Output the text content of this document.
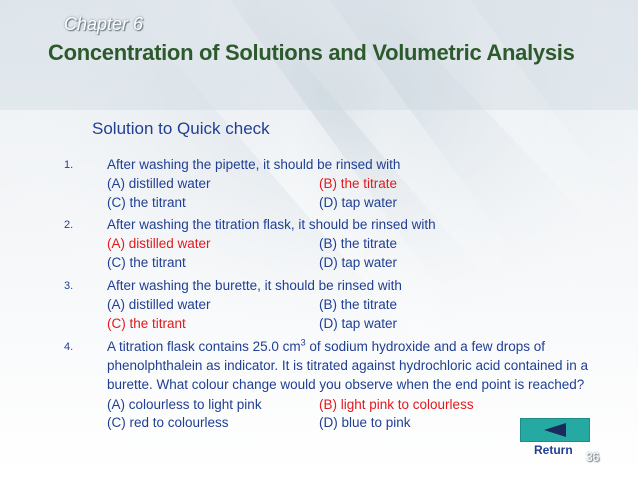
Chapter 6
Concentration of Solutions and Volumetric Analysis
Solution to Quick check
1.	After washing the pipette, it should be rinsed with
(A) distilled water	(B) the titrate
(C) the titrant	(D) tap water
2.	After washing the titration flask, it should be rinsed with
(A) distilled water	(B) the titrate
(C) the titrant	(D) tap water
3.	After washing the burette, it should be rinsed with
(A) distilled water	(B) the titrate
(C) the titrant	(D) tap water
4.	A titration flask contains 25.0 $cm^3$ of sodium hydroxide and a few drops of phenolphthalein as indicator. It is titrated against hydrochloric acid contained in a burette. What colour change would you observe when the end point is reached?
(A) colourless to light pink	(B) light pink to colourless
(C) red to colourless	(D) blue to pink
Return 36
